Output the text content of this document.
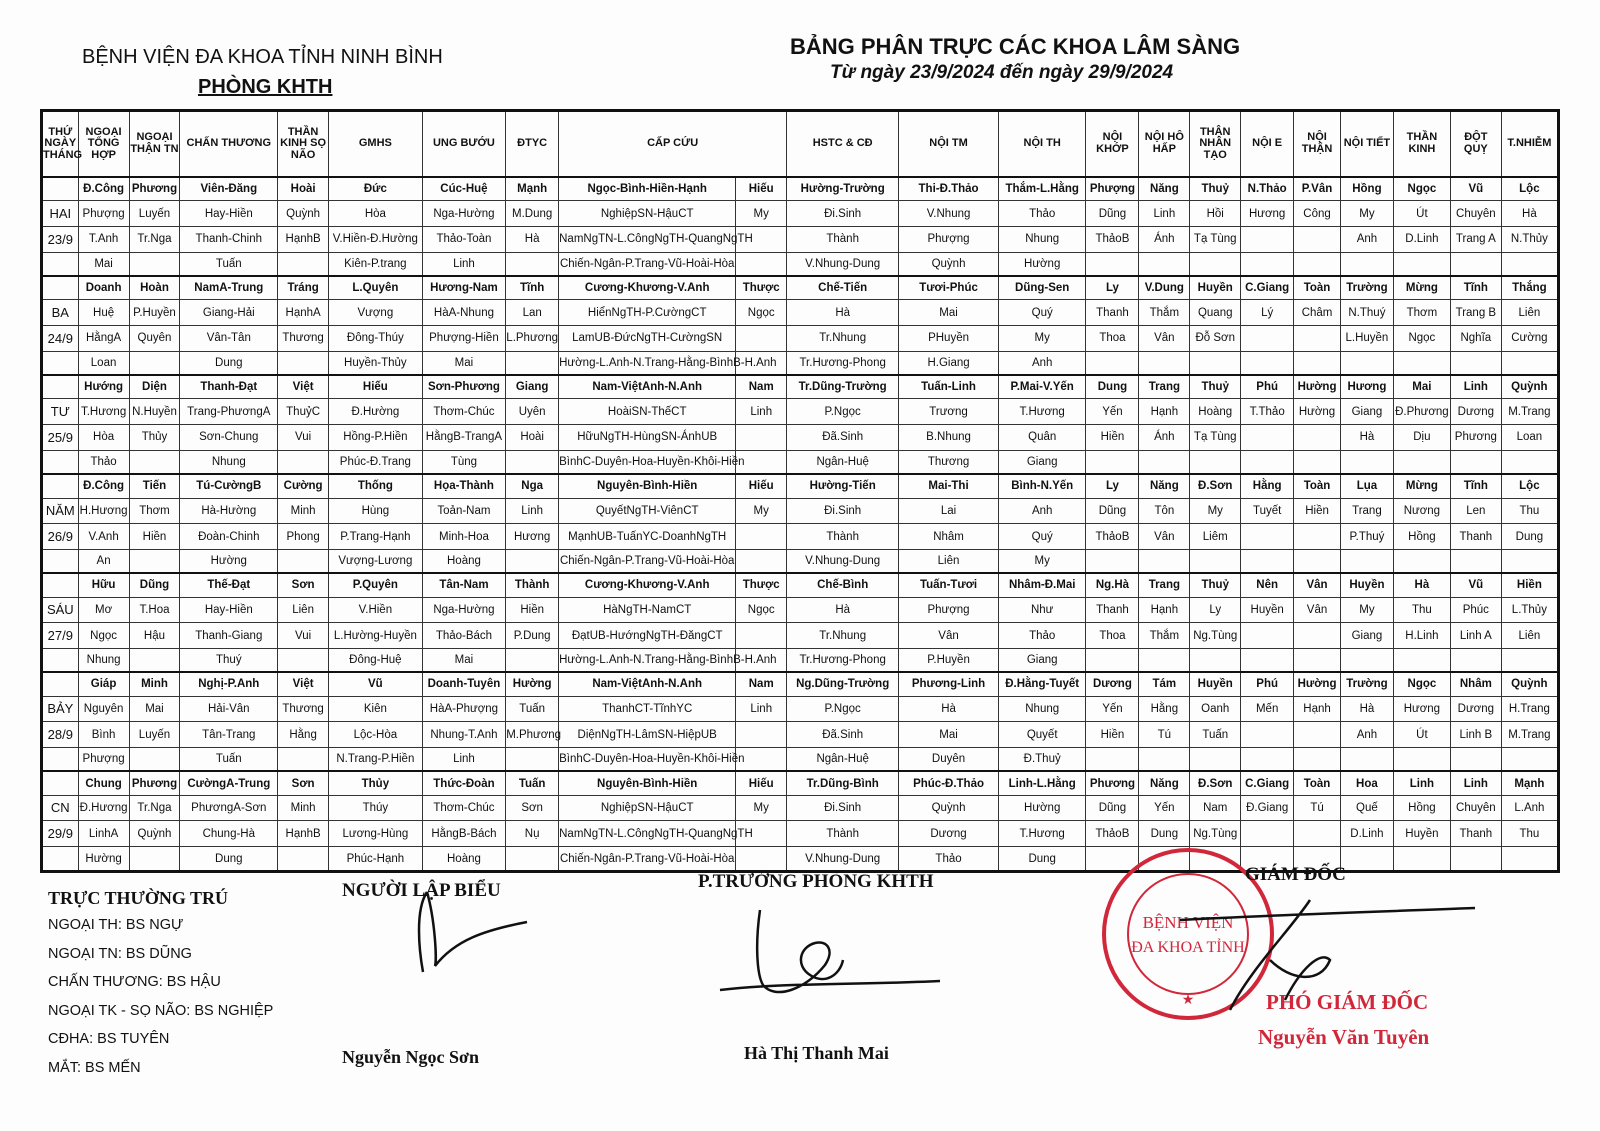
BỆNH VIỆN ĐA KHOA TỈNH NINH BÌNH
PHÒNG KHTH
BẢNG PHÂN TRỰC CÁC KHOA LÂM SÀNG
Từ ngày 23/9/2024 đến ngày 29/9/2024
THỨ NGÀY THÁNG	NGOẠI TỔNG HỢP	NGOẠI THẬN TN	CHẤN THƯƠNG	THẦN KINH SỌ NÃO	GMHS	UNG BƯỚU	ĐTYC	CẤP CỨU		HSTC & CĐ	NỘI TM	NỘI TH	NỘI KHỚP	NỘI HÔ HẤP	THẬN NHÂN TẠO	NỘI E	NỘI THẬN	NỘI TIẾT	THẦN KINH	ĐỘT QUỴ	T.NHIỄM
	Đ.Công	Phương	Viên-Đăng	Hoài	Đức	Cúc-Huệ	Mạnh	Ngọc-Bình-Hiền-Hạnh	Hiếu	Hường-Trường	Thi-Đ.Thảo	Thắm-L.Hằng	Phượng	Năng	Thuỷ	N.Thảo	P.Vân	Hồng	Ngọc	Vũ	Lộc
HAI	Phượng	Luyến	Hay-Hiền	Quỳnh	Hòa	Nga-Hường	M.Dung	NghiệpSN-HậuCT	My	Đi.Sinh	V.Nhung	Thảo	Dũng	Linh	Hồi	Hương	Công	My	Út	Chuyên	Hà
23/9	T.Anh	Tr.Nga	Thanh-Chinh	HạnhB	V.Hiền-Đ.Hường	Thảo-Toàn	Hà	NamNgTN-L.CôngNgTH-QuangNgTH		Thành	Phượng	Nhung	ThảoB	Ánh	Tạ Tùng			Anh	D.Linh	Trang A	N.Thủy
	Mai		Tuấn		Kiên-P.trang	Linh		Chiến-Ngân-P.Trang-Vũ-Hoài-Hòa		V.Nhung-Dung	Quỳnh	Hường									
	Doanh	Hoàn	NamA-Trung	Tráng	L.Quyên	Hương-Nam	Tĩnh	Cương-Khương-V.Anh	Thược	Chế-Tiến	Tươi-Phúc	Dũng-Sen	Ly	V.Dung	Huyền	C.Giang	Toàn	Trường	Mừng	Tĩnh	Thắng
BA	Huệ	P.Huyền	Giang-Hải	HạnhA	Vượng	HàA-Nhung	Lan	HiểnNgTH-P.CườngCT	Ngọc	Hà	Mai	Quý	Thanh	Thắm	Quang	Lý	Châm	N.Thuý	Thơm	Trang B	Liên
24/9	HằngA	Quyên	Vân-Tân	Thương	Đông-Thúy	Phượng-Hiền	L.Phương	LamUB-ĐứcNgTH-CườngSN		Tr.Nhung	PHuyền	My	Thoa	Vân	Đỗ Sơn			L.Huyền	Ngọc	Nghĩa	Cường
	Loan		Dung		Huyền-Thủy	Mai		Hường-L.Anh-N.Trang-Hằng-BìnhB-H.Anh		Tr.Hương-Phong	H.Giang	Anh									
	Hướng	Diện	Thanh-Đạt	Việt	Hiếu	Sơn-Phương	Giang	Nam-ViệtAnh-N.Anh	Nam	Tr.Dũng-Trường	Tuấn-Linh	P.Mai-V.Yến	Dung	Trang	Thuỷ	Phú	Hường	Hương	Mai	Linh	Quỳnh
TƯ	T.Hương	N.Huyền	Trang-PhươngA	ThuỷC	Đ.Hường	Thơm-Chúc	Uyên	HoàiSN-ThếCT	Linh	P.Ngọc	Trương	T.Hương	Yến	Hạnh	Hoàng	T.Thảo	Hường	Giang	Đ.Phương	Dương	M.Trang
25/9	Hòa	Thủy	Sơn-Chung	Vui	Hồng-P.Hiền	HằngB-TrangA	Hoài	HữuNgTH-HùngSN-ÁnhUB		Đã.Sinh	B.Nhung	Quân	Hiền	Ánh	Tạ Tùng			Hà	Dịu	Phương	Loan
	Thảo		Nhung		Phúc-Đ.Trang	Tùng		BìnhC-Duyên-Hoa-Huyền-Khôi-Hiền		Ngân-Huệ	Thương	Giang									
	Đ.Công	Tiến	Tú-CườngB	Cường	Thống	Họa-Thành	Nga	Nguyên-Bình-Hiền	Hiếu	Hường-Tiến	Mai-Thi	Bình-N.Yến	Ly	Năng	Đ.Sơn	Hằng	Toàn	Lụa	Mừng	Tĩnh	Lộc
NĂM	H.Hương	Thơm	Hà-Hường	Minh	Hùng	Toản-Nam	Linh	QuyếtNgTH-ViênCT	My	Đi.Sinh	Lai	Anh	Dũng	Tôn	My	Tuyết	Hiền	Trang	Nương	Len	Thu
26/9	V.Anh	Hiền	Đoàn-Chinh	Phong	P.Trang-Hạnh	Minh-Hoa	Hương	MạnhUB-TuấnYC-DoanhNgTH		Thành	Nhâm	Quý	ThảoB	Vân	Liêm			P.Thuý	Hồng	Thanh	Dung
	An		Hường		Vượng-Lương	Hoàng		Chiến-Ngân-P.Trang-Vũ-Hoài-Hòa		V.Nhung-Dung	Liên	My									
	Hữu	Dũng	Thế-Đạt	Sơn	P.Quyên	Tân-Nam	Thành	Cương-Khương-V.Anh	Thược	Chế-Bình	Tuấn-Tươi	Nhâm-Đ.Mai	Ng.Hà	Trang	Thuỷ	Nên	Vân	Huyền	Hà	Vũ	Hiền
SÁU	Mơ	T.Hoa	Hay-Hiền	Liên	V.Hiền	Nga-Hường	Hiền	HàNgTH-NamCT	Ngọc	Hà	Phượng	Như	Thanh	Hạnh	Ly	Huyền	Vân	My	Thu	Phúc	L.Thủy
27/9	Ngọc	Hậu	Thanh-Giang	Vui	L.Hường-Huyền	Thảo-Bách	P.Dung	ĐạtUB-HướngNgTH-ĐăngCT		Tr.Nhung	Vân	Thảo	Thoa	Thắm	Ng.Tùng			Giang	H.Linh	Linh A	Liên
	Nhung		Thuý		Đông-Huệ	Mai		Hường-L.Anh-N.Trang-Hằng-BìnhB-H.Anh		Tr.Hương-Phong	P.Huyền	Giang									
	Giáp	Minh	Nghị-P.Anh	Việt	Vũ	Doanh-Tuyên	Hường	Nam-ViệtAnh-N.Anh	Nam	Ng.Dũng-Trường	Phương-Linh	Đ.Hằng-Tuyết	Dương	Tám	Huyền	Phú	Hường	Trường	Ngọc	Nhâm	Quỳnh
BẢY	Nguyên	Mai	Hải-Vân	Thương	Kiên	HàA-Phượng	Tuấn	ThanhCT-TĩnhYC	Linh	P.Ngọc	Hà	Nhung	Yến	Hằng	Oanh	Mến	Hạnh	Hà	Hương	Dương	H.Trang
28/9	Bình	Luyến	Tân-Trang	Hằng	Lộc-Hòa	Nhung-T.Anh	M.Phương	DiệnNgTH-LâmSN-HiệpUB		Đã.Sinh	Mai	Quyết	Hiền	Tú	Tuấn			Anh	Út	Linh B	M.Trang
	Phượng		Tuấn		N.Trang-P.Hiền	Linh		BìnhC-Duyên-Hoa-Huyền-Khôi-Hiền		Ngân-Huệ	Duyên	Đ.Thuỷ									
	Chung	Phương	CườngA-Trung	Sơn	Thủy	Thức-Đoàn	Tuấn	Nguyên-Bình-Hiền	Hiếu	Tr.Dũng-Bình	Phúc-Đ.Thảo	Linh-L.Hằng	Phương	Năng	Đ.Sơn	C.Giang	Toàn	Hoa	Linh	Linh	Mạnh
CN	Đ.Hương	Tr.Nga	PhươngA-Sơn	Minh	Thúy	Thơm-Chúc	Sơn	NghiệpSN-HậuCT	My	Đi.Sinh	Quỳnh	Hường	Dũng	Yến	Nam	Đ.Giang	Tú	Quế	Hồng	Chuyên	L.Anh
29/9	LinhA	Quỳnh	Chung-Hà	HạnhB	Lương-Hùng	HằngB-Bách	Nụ	NamNgTN-L.CôngNgTH-QuangNgTH		Thành	Dương	T.Hương	ThảoB	Dung	Ng.Tùng			D.Linh	Huyền	Thanh	Thu
	Hường		Dung		Phúc-Hạnh	Hoàng		Chiến-Ngân-P.Trang-Vũ-Hoài-Hòa		V.Nhung-Dung	Thảo	Dung									
TRỰC THƯỜNG TRÚ
NGOẠI TH: BS NGỰ
NGOẠI TN: BS DŨNG
CHẤN THƯƠNG: BS HẬU
NGOẠI TK - SỌ NÃO: BS NGHIỆP
CĐHA: BS TUYÊN
MẮT: BS MẾN
NGƯỜI LẬP BIỂU
Nguyễn Ngọc Sơn
P.TRƯỞNG PHÒNG KHTH
Hà Thị Thanh Mai
BỆNH VIỆN
ĐA KHOA TỈNH
★
GIÁM ĐỐC
PHÓ GIÁM ĐỐC
Nguyễn Văn Tuyên
